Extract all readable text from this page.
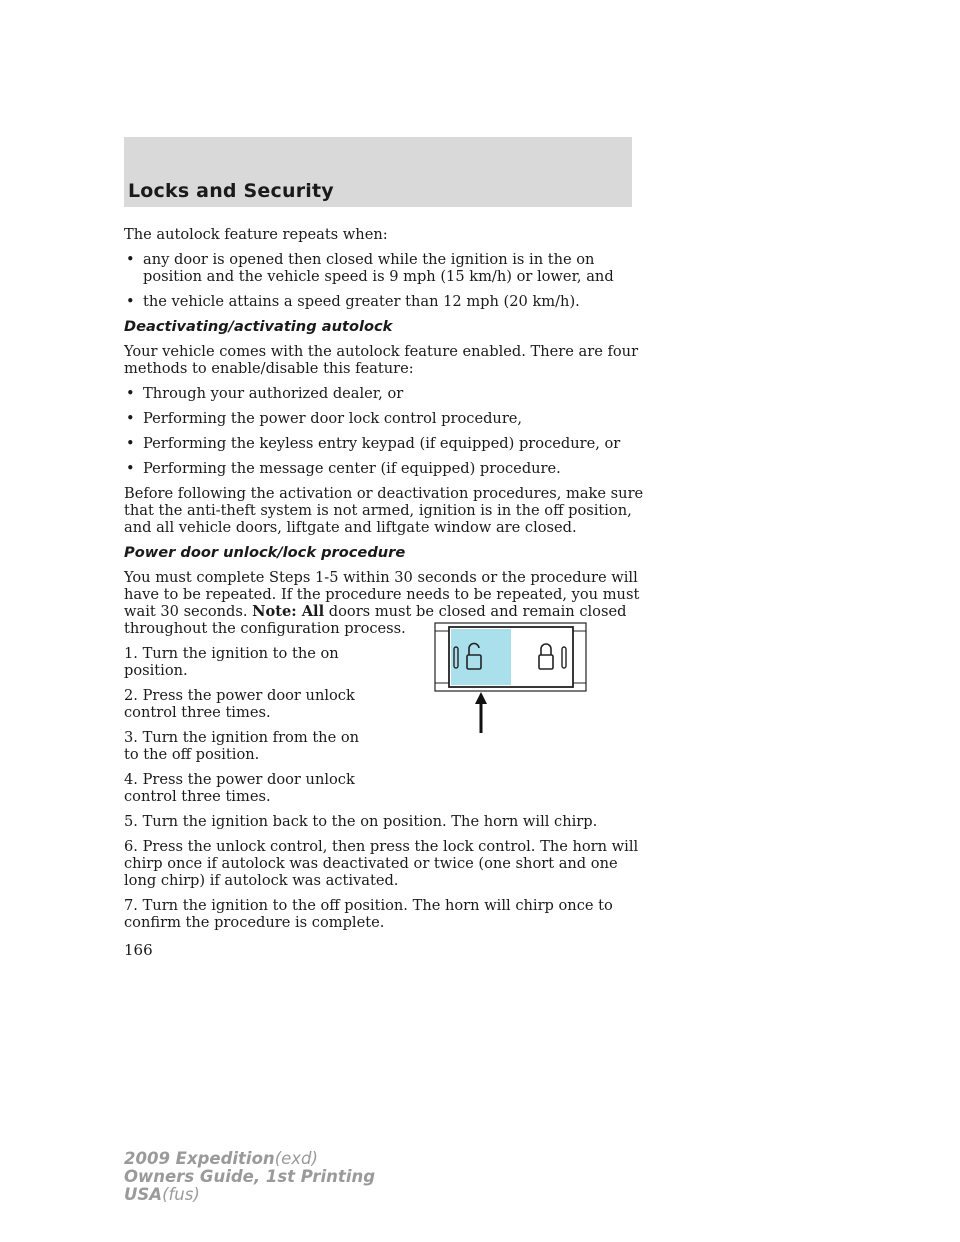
Locks and Security

The autolock feature repeats when:

• any door is opened then closed while the ignition is in the on position and the vehicle speed is 9 mph (15 km/h) or lower, and
• the vehicle attains a speed greater than 12 mph (20 km/h).

Deactivating/activating autolock

Your vehicle comes with the autolock feature enabled. There are four methods to enable/disable this feature:

• Through your authorized dealer, or
• Performing the power door lock control procedure,
• Performing the keyless entry keypad (if equipped) procedure, or
• Performing the message center (if equipped) procedure.

Before following the activation or deactivation procedures, make sure that the anti-theft system is not armed, ignition is in the off position, and all vehicle doors, liftgate and liftgate window are closed.

Power door unlock/lock procedure

You must complete Steps 1-5 within 30 seconds or the procedure will have to be repeated. If the procedure needs to be repeated, you must wait 30 seconds. Note: All doors must be closed and remain closed throughout the configuration process.

1. Turn the ignition to the on position.

2. Press the power door unlock control three times.

3. Turn the ignition from the on to the off position.

4. Press the power door unlock control three times.

5. Turn the ignition back to the on position. The horn will chirp.

6. Press the unlock control, then press the lock control. The horn will chirp once if autolock was deactivated or twice (one short and one long chirp) if autolock was activated.

7. Turn the ignition to the off position. The horn will chirp once to confirm the procedure is complete.

166
2009 Expedition(exd)
Owners Guide, 1st Printing
USA(fus)
